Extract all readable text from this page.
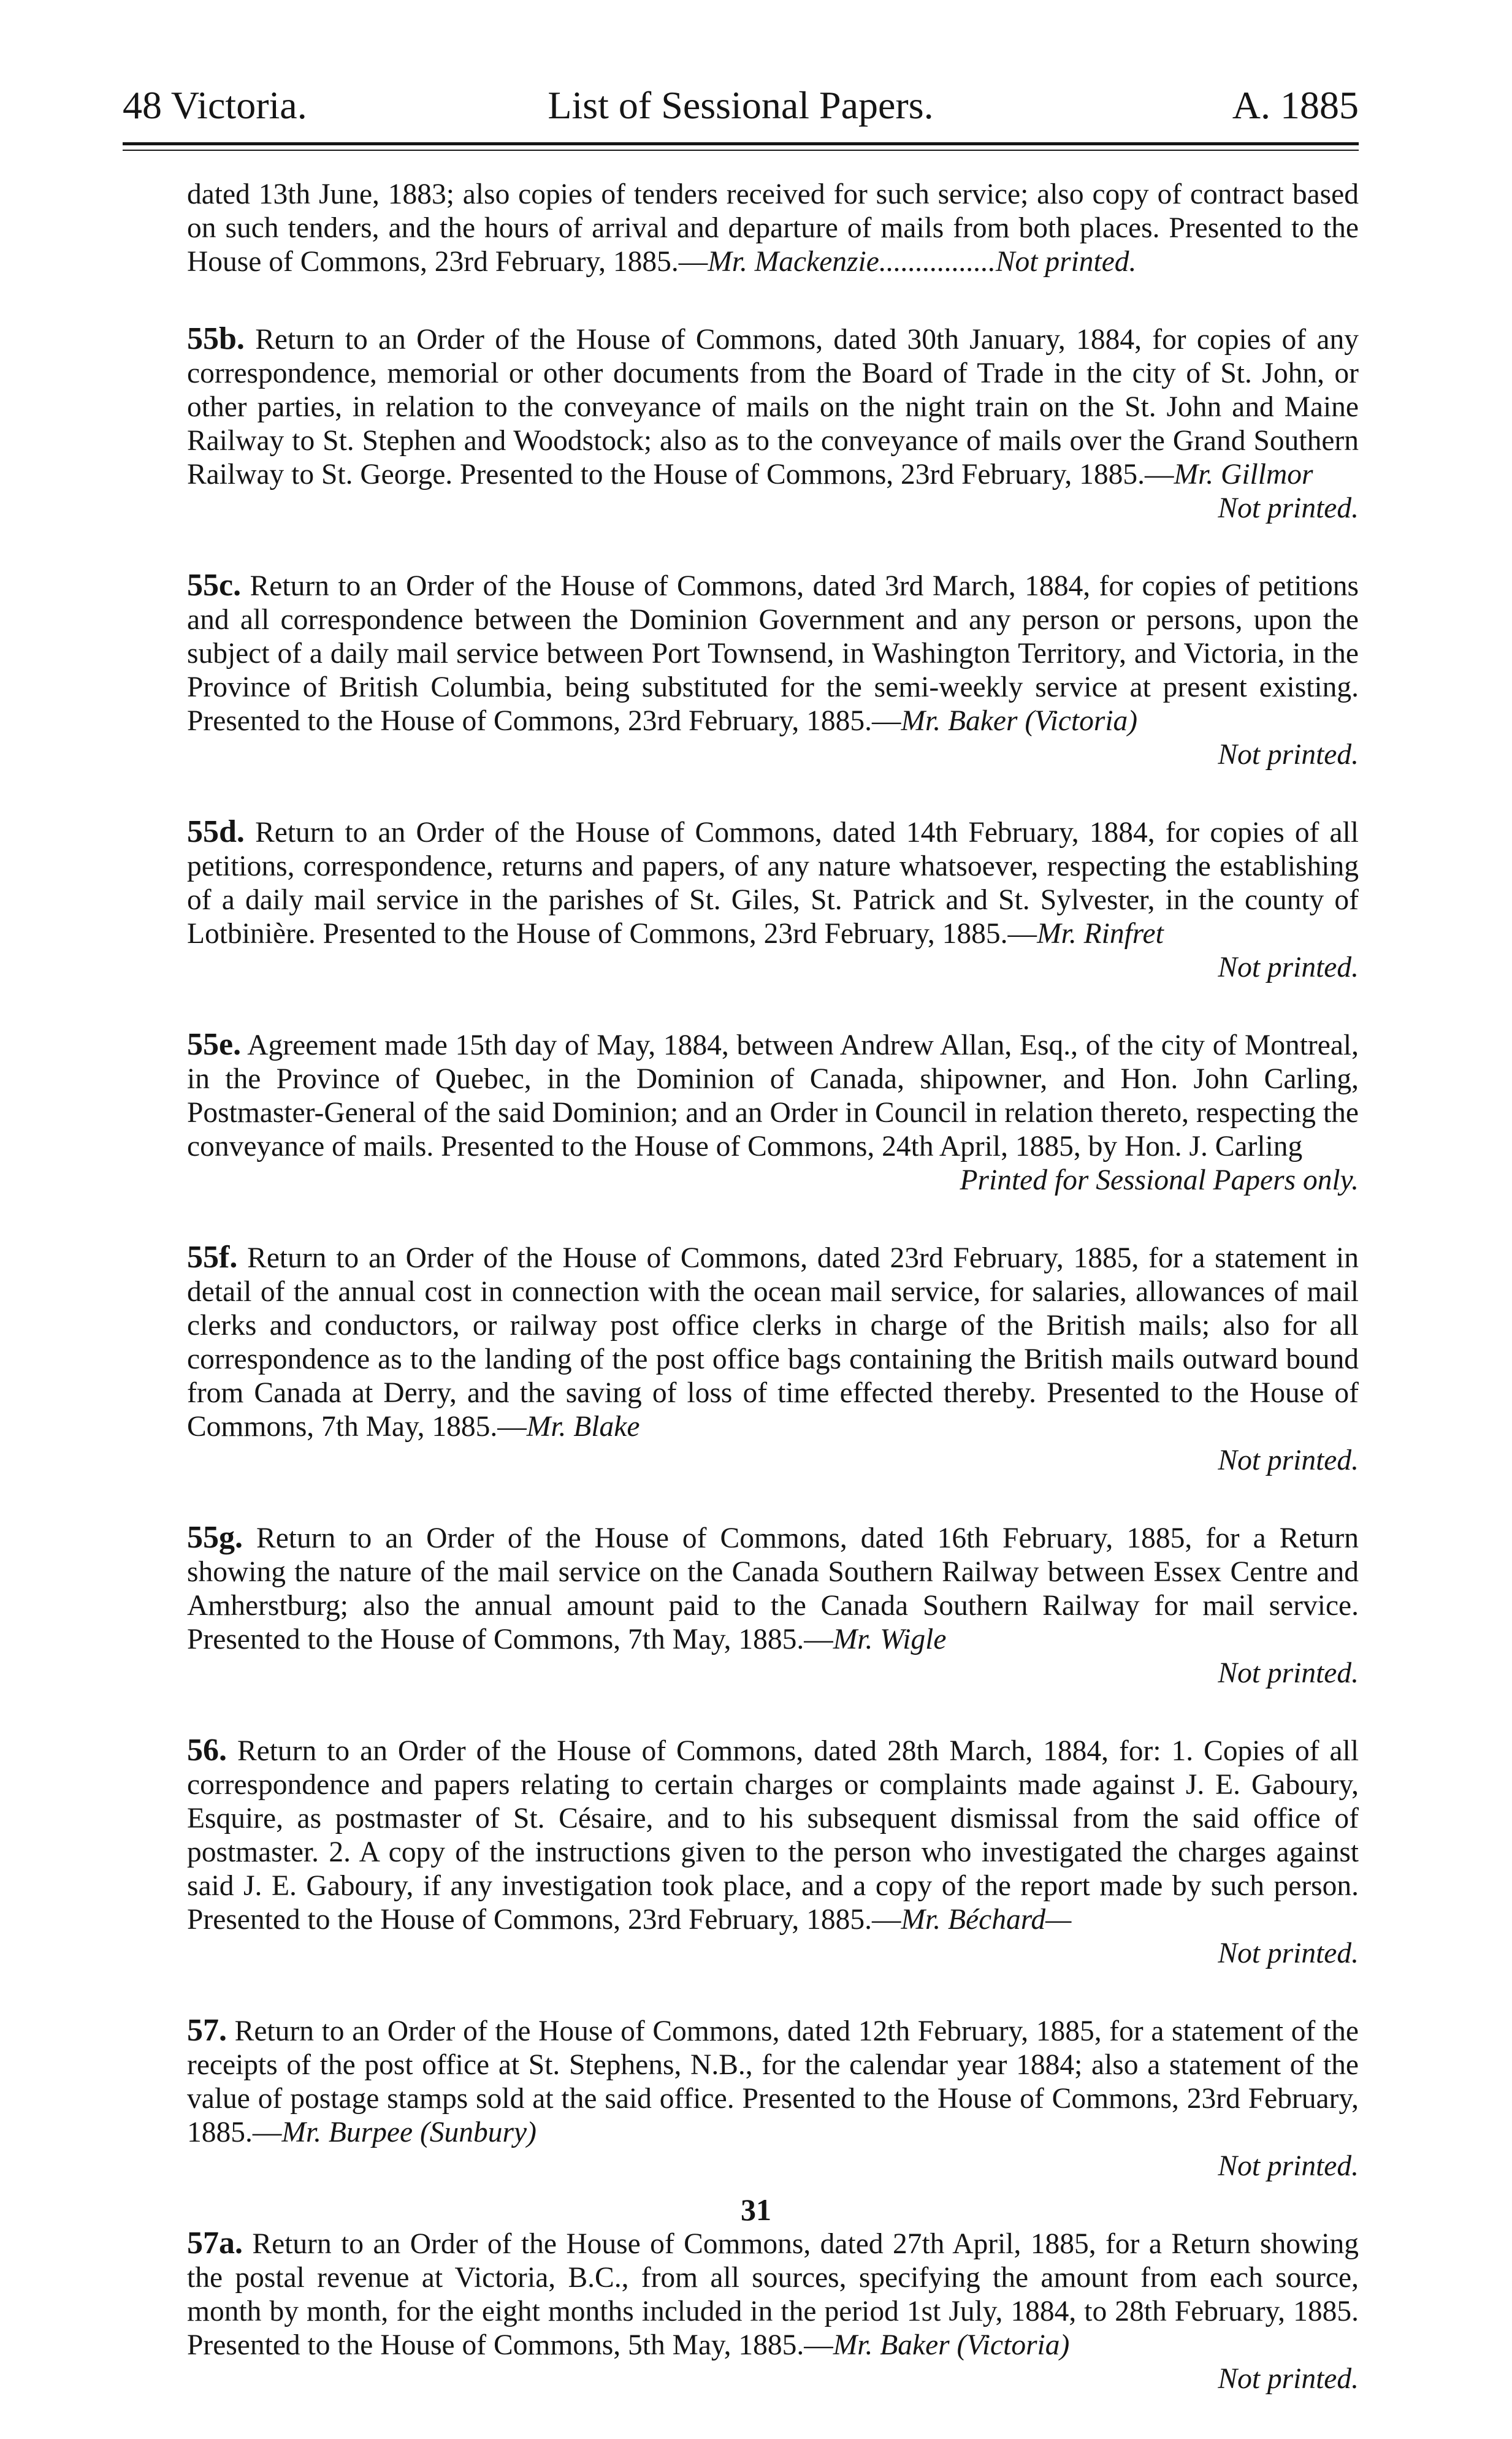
48 Victoria.	List of Sessional Papers.	A. 1885

dated 13th June, 1883; also copies of tenders received for such service; also copy of contract based on such tenders, and the hours of arrival and departure of mails from both places. Presented to the House of Commons, 23rd February, 1885.—Mr. Mackenzie................Not printed.

55b. Return to an Order of the House of Commons, dated 30th January, 1884, for copies of any correspondence, memorial or other documents from the Board of Trade in the city of St. John, or other parties, in relation to the conveyance of mails on the night train on the St. John and Maine Railway to St. Stephen and Woodstock; also as to the conveyance of mails over the Grand Southern Railway to St. George. Presented to the House of Commons, 23rd February, 1885.—Mr. Gillmor
Not printed.

55c. Return to an Order of the House of Commons, dated 3rd March, 1884, for copies of petitions and all correspondence between the Dominion Government and any person or persons, upon the subject of a daily mail service between Port Townsend, in Washington Territory, and Victoria, in the Province of British Columbia, being substituted for the semi-weekly service at present existing. Presented to the House of Commons, 23rd February, 1885.—Mr. Baker (Victoria)
Not printed.

55d. Return to an Order of the House of Commons, dated 14th February, 1884, for copies of all petitions, correspondence, returns and papers, of any nature whatsoever, respecting the establishing of a daily mail service in the parishes of St. Giles, St. Patrick and St. Sylvester, in the county of Lotbinière. Presented to the House of Commons, 23rd February, 1885.—Mr. Rinfret
Not printed.

55e. Agreement made 15th day of May, 1884, between Andrew Allan, Esq., of the city of Montreal, in the Province of Quebec, in the Dominion of Canada, shipowner, and Hon. John Carling, Postmaster-General of the said Dominion; and an Order in Council in relation thereto, respecting the conveyance of mails. Presented to the House of Commons, 24th April, 1885, by Hon. J. Carling
Printed for Sessional Papers only.

55f. Return to an Order of the House of Commons, dated 23rd February, 1885, for a statement in detail of the annual cost in connection with the ocean mail service, for salaries, allowances of mail clerks and conductors, or railway post office clerks in charge of the British mails; also for all correspondence as to the landing of the post office bags containing the British mails outward bound from Canada at Derry, and the saving of loss of time effected thereby. Presented to the House of Commons, 7th May, 1885.—Mr. Blake
Not printed.

55g. Return to an Order of the House of Commons, dated 16th February, 1885, for a Return showing the nature of the mail service on the Canada Southern Railway between Essex Centre and Amherstburg; also the annual amount paid to the Canada Southern Railway for mail service. Presented to the House of Commons, 7th May, 1885.—Mr. Wigle
Not printed.

56. Return to an Order of the House of Commons, dated 28th March, 1884, for: 1. Copies of all correspondence and papers relating to certain charges or complaints made against J. E. Gaboury, Esquire, as postmaster of St. Césaire, and to his subsequent dismissal from the said office of postmaster. 2. A copy of the instructions given to the person who investigated the charges against said J. E. Gaboury, if any investigation took place, and a copy of the report made by such person. Presented to the House of Commons, 23rd February, 1885.—Mr. Béchard—
Not printed.

57. Return to an Order of the House of Commons, dated 12th February, 1885, for a statement of the receipts of the post office at St. Stephens, N.B., for the calendar year 1884; also a statement of the value of postage stamps sold at the said office. Presented to the House of Commons, 23rd February, 1885.—Mr. Burpee (Sunbury)
Not printed.

57a. Return to an Order of the House of Commons, dated 27th April, 1885, for a Return showing the postal revenue at Victoria, B.C., from all sources, specifying the amount from each source, month by month, for the eight months included in the period 1st July, 1884, to 28th February, 1885. Presented to the House of Commons, 5th May, 1885.—Mr. Baker (Victoria)
Not printed.

31
